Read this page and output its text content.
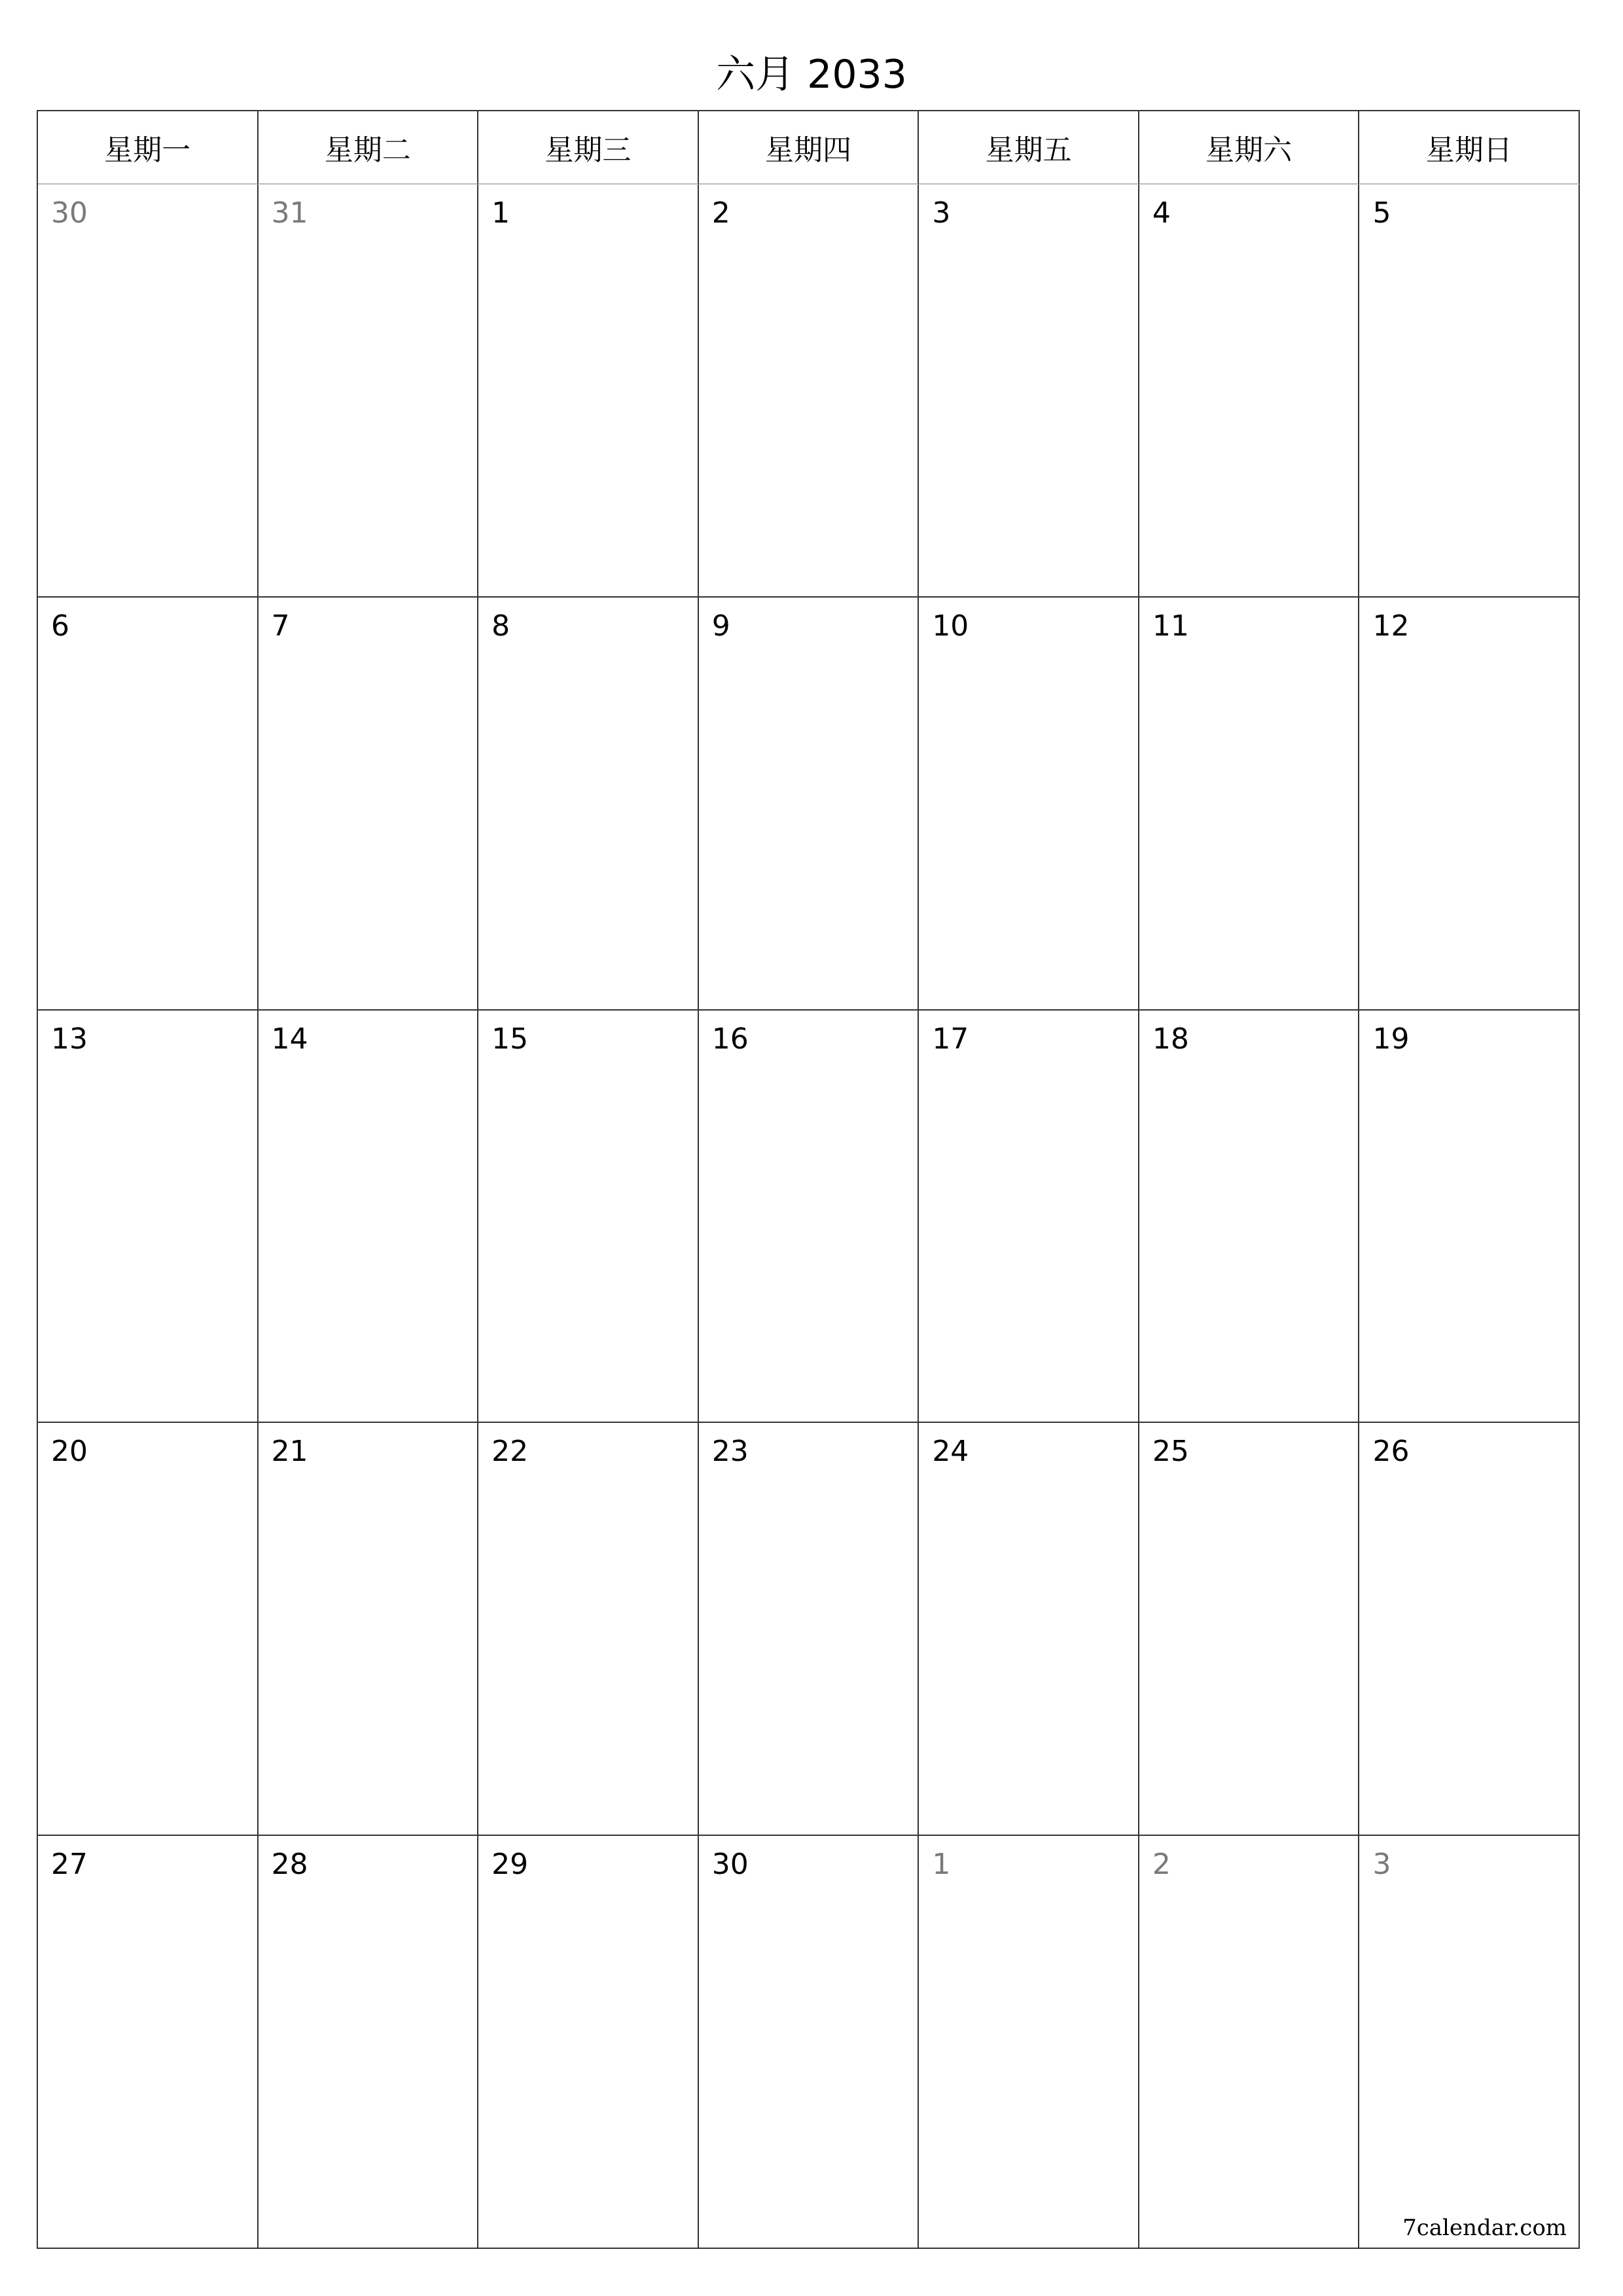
六月 2033
星期一	星期二	星期三	星期四	星期五	星期六	星期日
30	31	1	2	3	4	5
6	7	8	9	10	11	12
13	14	15	16	17	18	19
20	21	22	23	24	25	26
27	28	29	30	1	2	3
7calendar.com
